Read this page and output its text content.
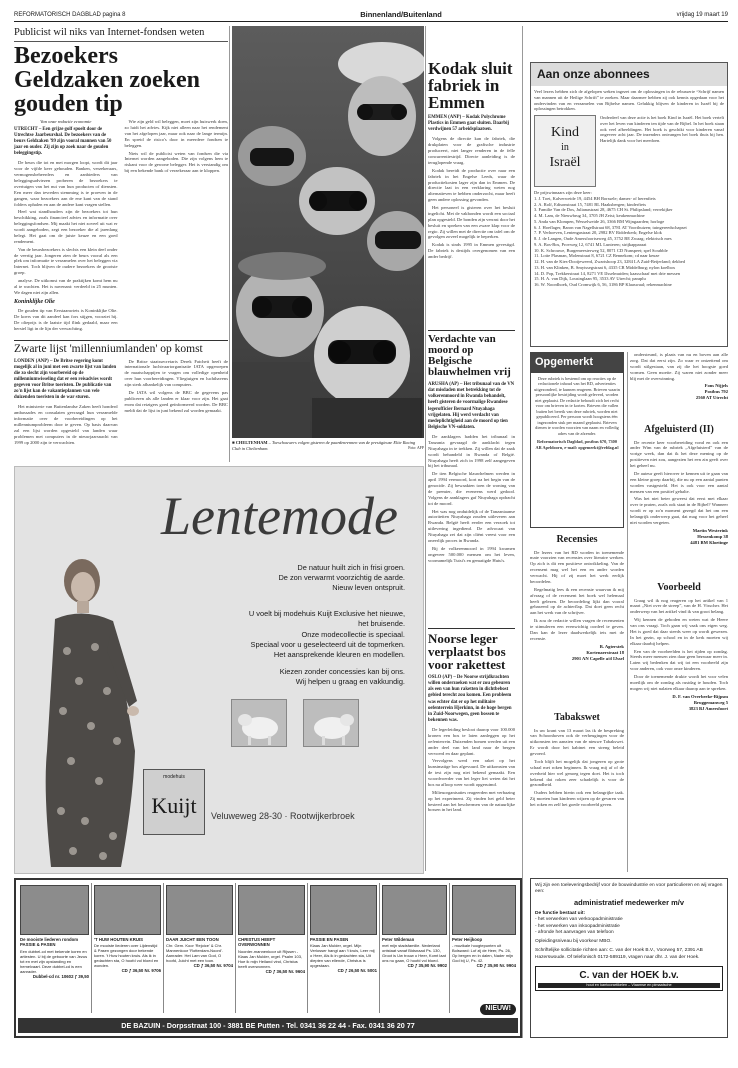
REFORMATORISCH DAGBLAD pagina 8	Binnenland/Buitenland	vrijdag 19 maart 19
Publicist wil niks van Internet-fondsen weten
Bezoekers Geldzaken zoeken gouden tip
Van onze redactie economie
UTRECHT – Een grijze golf spoelt door de Utrechtse Jaarbeurshal. De bezoekers van de beurs Geldzaken '99 zijn vooral mannen van 50 jaar en ouder. Zij zijn op zoek naar de gouden beleggingstip.

De beurs die tot en met morgen loopt, wordt dit jaar voor de vijfde keer gehouden. Banken, verzekeraars, vermogensbeheerders en aanbieders van beleggingsadviezen proberen de bezoekers te overtuigen van het nut van hun producten of diensten. Een meer dan tevreden stemming is te proeven in de gangen, waar bezoekers aan de ene kant van de stand folders ophalen en aan de andere kant vragen stellen.

Heel wat standhouders zijn de bezoekers tot hun beschikking, zoals financieel advies en informatie over beleggingsfondsen. Mij maakt het niet zoveel uit wat er wordt aangeboden, zegt een bezoeker die al jarenlang belegt. Het gaat om de juiste keuze en een goed rendement.

Van de beursbezoekers is slechts een klein deel onder de veertig jaar. Jongeren zien de beurs vooral als een plek om informatie te verzamelen over het beleggen via Internet. Toch blijven de oudere bezoekers de grootste groep.

analyse. De uitkomst van de praktijken komt hem nu al te wachten. Het is navenant: verdeeld in 25 munten. We dagen niet zijn allen.

Koninklijke Olie

De gouden tip van Eerstaanwiets is Koninklijke Olie. De koers van dit aandeel kan fors stijgen, voorziet hij. De olieprijs is de laatste tijd flink gedaald, maar een herstel ligt in de lijn der verwachting.

Wie zijn geld wil beleggen, moet zijn huiswerk doen, zo luidt het advies. Kijk niet alleen naar het rendement van het afgelopen jaar, maar ook naar de lange termijn. En spreid de risico's door in meerdere fondsen te beleggen.

Niets wil de publicist weten van fondsen die via Internet worden aangeboden. Die zijn volgens hem te riskant voor de gewone belegger. Het is verstandig om bij een bekende bank of verzekeraar aan te kloppen.

■ CHELTENHAM – Toeschouwers volgen gisteren de paardenrennen van de prestigieuze Elite Racing Club in Cheltenham.	Foto: AFP
Kodak sluit fabriek in Emmen
EMMEN (ANP) – Kodak Polychrome Plastics in Emmen gaat sluiten. Daarbij verdwijnen 57 arbeidsplaatsen.

Volgens de directie kan de fabriek, die drukplaten voor de grafische industrie produceert, niet langer renderen in de felle concurrentiestrijd. Directe aanleiding is de teruglopende vraag.

Kodak bereidt de productie over naar een fabriek in het Engelse Leeds, waar de productiekosten lager zijn dan in Emmen. De directie laat in een verklaring weten nog alternatieven te hebben onderzocht, maar heeft geen andere oplossing gevonden.

Het personeel is gisteren over het besluit ingelicht. Met de vakbonden wordt een sociaal plan opgesteld. De bonden zijn verrast door het besluit en spreken van een zware klap voor de regio. Zij willen met de directie om tafel om de gevolgen zoveel mogelijk te beperken.

Kodak is sinds 1995 in Emmen gevestigd. De fabriek is destijds overgenomen van een ander bedrijf.

Verdachte van moord op Belgische blauwhelmen vrij
ARUSHA (AP) – Het tribunaal van de VN dat misdaden met betrekking tot de volkerenmoord in Rwanda behandelt, heeft gisteren de voormalige Rwandese legerofficier Bernard Ntuyahaga vrijgelaten. Hij werd verdacht van medeplichtigheid aan de moord op tien Belgische VN-soldaten.

De aanklagers hadden het tribunaal in Tanzania gevraagd de aanklacht tegen Ntuyahaga in te trekken. Zij willen dat de zaak wordt behandeld in Rwanda of België. Ntuyahaga heeft zich in 1998 zelf aangegeven bij het tribunaal.

De tien Belgische blauwhelmen werden in april 1994 vermoord, kort na het begin van de genocide. Zij bewaakten toen de woning van de premier, die eveneens werd gedood. Volgens de aanklagers gaf Ntuyahaga opdracht tot de moord.

Het was nog onduidelijk of de Tanzaniaanse autoriteiten Ntuyahaga zouden uitleveren aan Rwanda. België heeft eerder een verzoek tot uitlevering ingediend. De advocaat van Ntuyahaga zei dat zijn cliënt vreest voor een oneerlijk proces in Rwanda.

Bij de volkerenmoord in 1994 kwamen ongeveer 500.000 mensen om het leven, voornamelijk Tutsi's en gematigde Hutu's.

Noorse leger verplaatst bos voor rakettest
OSLO (AP) – De Noorse strijdkrachten willen onderzoeken wat er zou gebeuren als een van hun raketten in dichtbebost gebied terecht zou komen. Een probleem was echter dat er op het militaire oefenterrein Hjerkinn, in de hoge bergen in Zuid-Noorwegen, geen bossen te bekennen was.

De legerleiding besloot daarop voor 100.000 kronen een bos te laten aanleggen op het oefenterrein. Duizenden bomen werden uit een ander deel van het land naar de bergen vervoerd en daar geplant.

Vervolgens werd een raket op het kunstmatige bos afgevuurd. De uitkomsten van de test zijn nog niet bekend gemaakt. Een woordvoerder van het leger liet weten dat het bos na afloop weer wordt opgeruimd.

Milieuorganisaties reageerden met verbazing op het experiment. Zij vinden het geld beter besteed aan het beschermen van de natuurlijke bossen in het land.

Zwarte lijst 'millenniumlanden' op komst
LONDEN (ANP) – De Britse regering komt mogelijk al in juni met een zwarte lijst van landen die zo slecht zijn voorbereid op de millenniumwisseling dat er een reisadvies wordt gegeven voor Britse toeristen. De publicatie van zo'n lijst kan de vakantieplannen van vele duizenden toeristen in de war sturen.

Het ministerie van Buitenlandse Zaken heeft honderd ambassades en consulaten gevraagd hun verzamelde informatie over de voorbereidingen op het millenniumprobleem door te geven. Op basis daarvan zal een lijst worden opgesteld van landen waar problemen met computers in de nieuwjaarsnacht van 1999 op 2000 zijn te verwachten.

De Britse staatssecretaris Derek Fatchett heeft de internationale luchtvaartorganisatie IATA opgeroepen de maatschappijen te vragen om volledige openheid over hun voorbereidingen. Vliegtuigen en luchthavens zijn sterk afhankelijk van computers.

De IATA wil volgens de BBC de gegevens pas publiceren als alle landen er klaar voor zijn. Het gaat erom dat reizigers goed geïnformeerd worden. De BBC meldt dat de lijst in juni bekend zal worden gemaakt.

Lentemode
De natuur huilt zich in frisi groen.
De zon verwarmt voorzichtig de aarde.
Nieuw leven ontspruit.
U voelt bij modehuis Kuijt Exclusive het nieuwe,
het bruisende.
Onze modecollectie is speciaal.
Speciaal voor u geselecteerd uit de topmerken.
Het aansprekende kleuren en modellen.
Kiezen zonder concessies kan bij ons.
Wij helpen u graag en vakkundig.
modehuis
Kuijt	Veluweweg 28-30 · Rootwijkerbroek
Aan onze abonnees
Veel lezers hebben zich de afgelopen weken ingezet om de oplossingen in de rebusserie “Schrijf namen van mannen uit de Heilige Schrift” te zoeken. Maar daarmee hebben zij ook kennis opgedaan voor het ondervinden van en verzamelen van Bijbelse namen. Gelukkig blijven de kinderen in Israël bij de oplossingen betrokken.
Kind
in
Israël
Onderdeel van deze actie is het boek Kind in Israël. Het boek vertelt over het leven van kinderen ten tijde van de Bijbel. In het boek staan ook veel afbeeldingen. Het boek is geschikt voor kinderen vanaf ongeveer acht jaar. De inzenders ontvangen het boek thuis bij hen. Hartelijk dank voor het meedoen.
De prijswinnaars zijn deze keer:
1. J. Toet, Kalverweide 19, 4454 BH Borssele; dames- of herenfiets
2. A. Rolf, Edisonstraat 15, 7481 BL Haaksbergen; kinderfiets
3. Familie Van de Dos, Julianastraat 28, 4675 CH St. Philipsland; verrekijker
4. M. Lam, de Nieuwbrug 34, 3705 JH Zeist; keukenmachine
5. Anda van Klompen, Wesselweide 26, 3366 BM Wijngaarden; horloge
6. J. Hoeflager, Baron van Nagellstraat 68, 3781 AT Voorthuizen; tuingereedschapset
7. P. Verhoeven, Lentengastraat 20, 2982 BV Ridderkerk; Engelse klok
8. J. de Langen, Oude Amersfoortseweg 45, 3752 BE Zwaag; elektrisch mes
9. A. Bos-Bos, Provweg 12, 6741 ML Lunteren; strijkapparaat
10. K. Schrouwe, Burgemeesterweg 52, 8071 CD Nunspeet; spel Scrabble
11. Lotte Plasman, Molenstraat 8, 6721 CZ Bennekom; cd naar keuze
12. H. van de Kies-Dooijeweerd, Zwartshoop 23, 3284 LA Zuid-Beijerland; dekbed
13. H. van Klinken, B. Smytssegstraat 6, 4335 CR Middelburg; nylon koelbox
14. D. Pop, Trekkerstraat 14, 8271 VE IJsselmuiden; kaasschaaf met drie messen
15. H. A. van Dijk, Lousinglaan 95, 3533 AV Utrecht; paraplu
16. W. Noordhoek, Oud Cromwijk 6, 56, 3186 BP Klaaswaal; rekenmachine
Opgemerkt
Deze rubriek is bestemd om op reacties op de redactionele inhoud van het RD, advertenties uitgezonderd, te kunnen reageren. Brieven waarin persoonlijke bestrijding wordt geleverd, worden niet geplaatst. De redactie behoudt zich het recht voor om brieven in te korten. Brieven die vallen buiten het bereik van deze rubriek, worden niet gepubliceerd. Per persoon wordt hoogstens één ingezonden stuk per maand geplaatst. Brieven dienen te worden voorzien van naam en volledig adres van de afzender.
Reformatorisch Dagblad, postbus 670, 7300 AR Apeldoorn, e-mail: opgemerkt@refdag.nl

ondersteund, is plaats van nu en boven aan alle zorg. Dat dat eerst zijn. Zo waar er ontzettend om wordt stilgestaan, van zij die het hoogste goed vormen. Geen moeite. Zij waren niet zonder meer blij met de overwinning.

Fons Nijjels
Postbus 792
2560 AT Utrecht
Afgeluisterd (II)

De recente keer voorbereiding vond en ook een ander Wim van de rubriek „Afgeluisterd” van de vorige week, dan dat ik het deze mening op de positieven niet zou, aangezien het een zin geeft over het geheel nu.

De auteur geeft hierover te kennen uit te gaan van een kleine groep daarbij, die nu op een aantal punten worden vastgesteld. Het is ook voor een aantal mensen van een positief gehalte.

Was het niet beter geweest dat eerst met elkaar over te praten, zoals ook staat in de Bijbel? Wanneer wordt er op zo'n moment gezegd dat het om een belangrijk onderwerp gaat, dat mag voor het geheel niet worden vergeten.

Martin Westerink
Hessenkomp 38
4481 BM Kloetinge
Recensies

De lezers van het RD worden in toenemende mate voorzien van recensies over literaire werken. Op zich is dit een positieve ontwikkeling. Van de recensent mag wel het een en ander worden verwacht. Hij of zij moet het werk eerlijk beoordelen.

Regelmatig lees ik een recensie waarvan ik mij afvraag of de recensent het boek wel helemaal heeft gelezen. De beoordeling lijkt dan vooral gebaseerd op de achterflap. Dat doet geen recht aan het werk van de schrijver.

Ik zou de redactie willen vragen de recensenten te stimuleren een evenwichtig oordeel te geven. Dan kan de lezer daadwerkelijk iets met de recensie.

B. Agterstek
Kortenaerstraat 18
2901 AN Capelle a/d IJssel
Tabakswet

In uw krant van 13 maart las ik de bespreking van Schoonhoven ook de verheugingen voor de uitkomsten ten aanzien van de nieuwe Tabakswet. Er wordt door het kabinet een streng beleid gevoerd.

Toch blijft het mogelijk dat jongeren op grote schaal met roken beginnen. Ik vraag mij af of de overheid hier wel genoeg tegen doet. Het is toch bekend dat roken zeer schadelijk is voor de gezondheid.

Ouders hebben hierin ook een belangrijke taak. Zij moeten hun kinderen wijzen op de gevaren van het roken en zelf het goede voorbeeld geven.

Voorbeeld

Graag wil ik nog reageren op het artikel van 1 maart „Niet over de streep”, van de H. Visscher. Het onderwerp van het artikel vind ik van groot belang.

Wij kennen de geboden en weten wat de Heere van ons vraagt. Toch gaan wij vaak ons eigen weg. Het is goed dat daar steeds weer op wordt gewezen. In het gezin, op school en in de kerk moeten wij elkaar daarbij helpen.

Een van de voorbeelden is het rijden op zondag. Steeds meer mensen zien daar geen bezwaar meer in. Laten wij bedenken dat wij tot een voorbeeld zijn voor anderen, ook voor onze kinderen.

Door de toenemende drukte wordt het voor velen moeilijk om de zondag als rustdag te houden. Toch mogen wij niet nalaten elkaar daarop aan te spreken.

D. F. van Overbeeke-Rijpsm
Bruggemanweg 5
3823 BJ Amersfoort
Wij zijn een toeleveringsbedrijf voor de bouwindustrie en voor particulieren en wij vragen een:
administratief medewerker m/v
De functie bestaat uit:
- het verwerken van verkoopadministratie
- het verwerken van inkoopadministratie
- afronde het aanvragen van telefoon
Opleidingsniveau bij voorkeur MBO.
Schriftelijke sollicitatie richten aan: C. van der Hoek B.V., Voorweg 57, 2391 AB Hazerswoude. Of telefonisch 0172-589119, vragen naar dhr. J. van der Hoek.
C. van der HOEK b.v.
hout en kantoorartikelen – Vlaamse en pimaalsche
De mooiste liederen rondom PASSIE & PASEN
Een dubbel-cd met bekende koren en artiesten. U bij de geboorte van Jezus tot en met zijn opstanding en hemelvaart. Deze dubbel-cd is een aanrader.
Dubbel-cd nr. 10602 ƒ 39,50
'T HUW HOUTEN KRUIS
De mooiste liederen over Lijdenstijd & Pasen gezongen door bekende koren. 't Huw houten kruis. Als ik in gedachten sta, O hoofd vol bloed en wonden.
CD ƒ 36,50 Nr. 9706
DAAR JUICHT EEN TOON
Chr. Gem. Koor 'Rejoice' & Chr. Mannenkoor 'Rotterdam-Noord'. Aanrader. Het Lam van God, O hoofd, Juicht met een toon.
CD ƒ 36,50 Nr. 9704
CHRISTUS HEEFT OVERWONNEN
Noorder-mannenkoor uit Rijssen - Klaas Jan Mulder, orgel. Psalm 103, Hoe ik mijn Heiland vind, Christus heeft overwonnen.
CD ƒ 36,50 Nr. 9604
PASSIE EN PASEN
Klaas Jan Mulder, orgel. Mijn Verlosser hangt aan 't kruis, Leer mij o Heer, Als ik in gedachten sta, Uit diepten van ellende, Christus is opgestaan.
CD ƒ 26,50 Nr. 5001
Peter Wildeman
met mijn stadsfamilie. Nederland ontstaat vanaf Bidsnaad Ps. 130, Groot is Uw trouw o Heer, Komt laat ons nu gaan, O hoofd vol bloed.
CD ƒ 35,90 Nr. 9902
Peter Heijkoop
- muzikale hoogtepunten uit Bolsward: Lof zij de Heer, Ps. 26, Op bergen en in dalen, Nader mijn God bij U, Ps. 42.
CD ƒ 35,90 Nr. 9904
NIEUW!
DE BAZUIN - Dorpsstraat 100 - 3881 BE Putten - Tel. 0341 36 22 44 - Fax. 0341 36 20 77
